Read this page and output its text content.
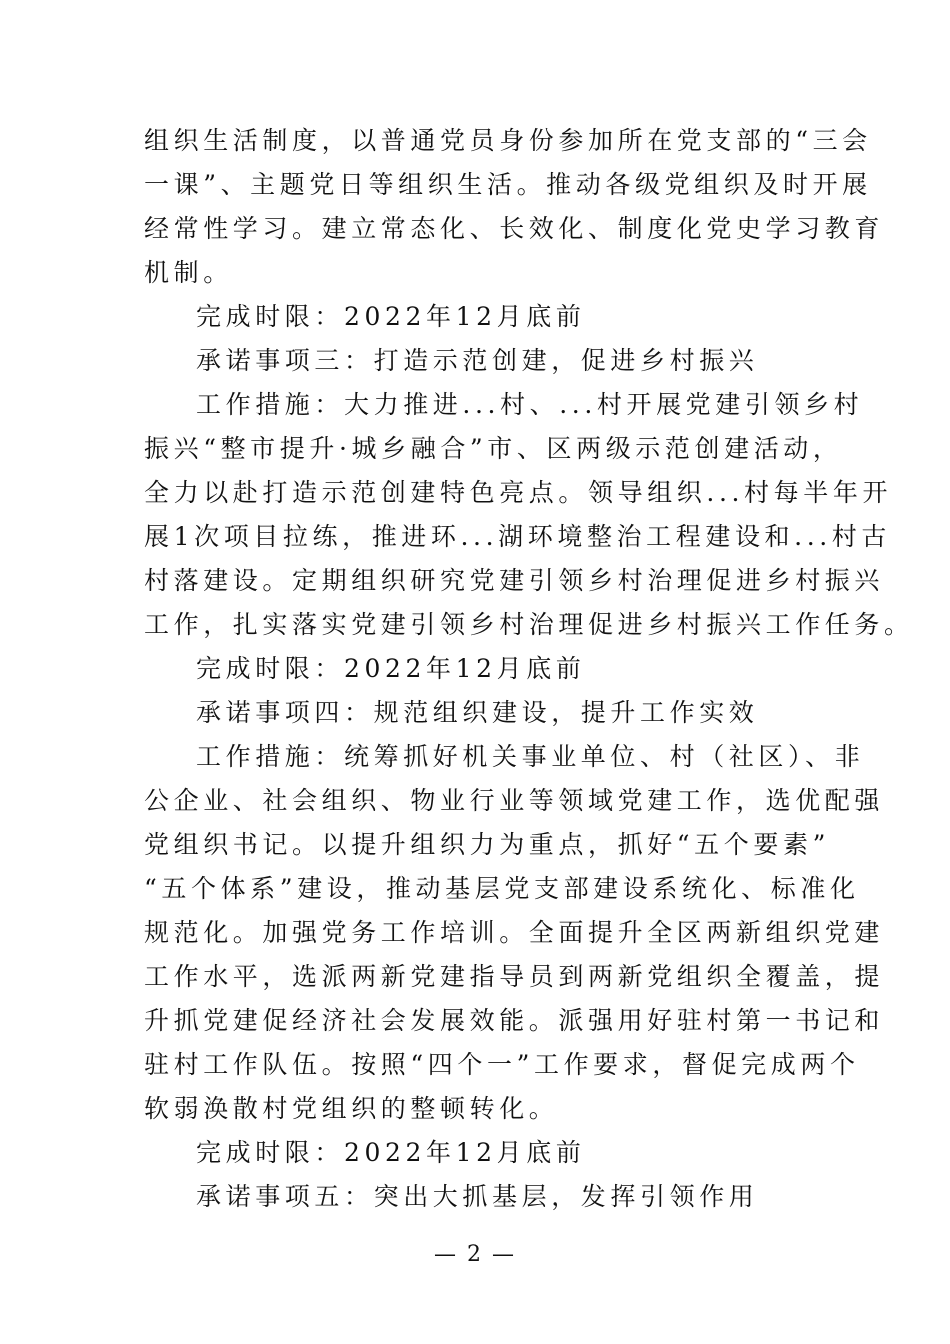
组织生活制度，以普通党员身份参加所在党支部的“三会
一课”、主题党日等组织生活。推动各级党组织及时开展
经常性学习。建立常态化、长效化、制度化党史学习教育
机制。
完成时限：2022年12月底前
承诺事项三：打造示范创建，促进乡村振兴
工作措施：大力推进...村、...村开展党建引领乡村
振兴“整市提升·城乡融合”市、区两级示范创建活动，
全力以赴打造示范创建特色亮点。领导组织...村每半年开
展1次项目拉练，推进环...湖环境整治工程建设和...村古
村落建设。定期组织研究党建引领乡村治理促进乡村振兴
工作，扎实落实党建引领乡村治理促进乡村振兴工作任务。
完成时限：2022年12月底前
承诺事项四：规范组织建设，提升工作实效
工作措施：统筹抓好机关事业单位、村（社区）、非
公企业、社会组织、物业行业等领域党建工作，选优配强
党组织书记。以提升组织力为重点，抓好“五个要素”
“五个体系”建设，推动基层党支部建设系统化、标准化
规范化。加强党务工作培训。全面提升全区两新组织党建
工作水平，选派两新党建指导员到两新党组织全覆盖，提
升抓党建促经济社会发展效能。派强用好驻村第一书记和
驻村工作队伍。按照“四个一”工作要求，督促完成两个
软弱涣散村党组织的整顿转化。
完成时限：2022年12月底前
承诺事项五：突出大抓基层，发挥引领作用
— 2 —
